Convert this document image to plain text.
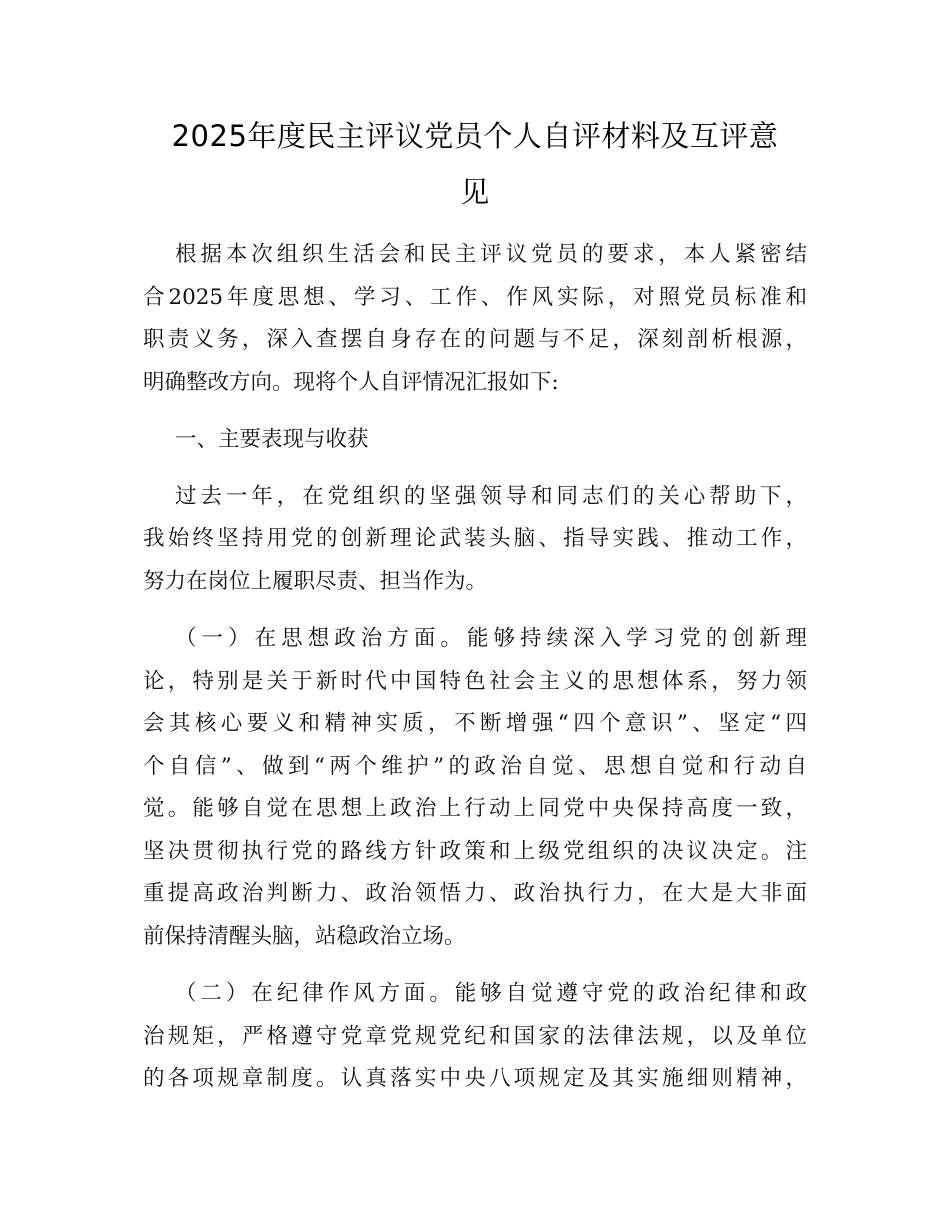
2025年度民主评议党员个人自评材料及互评意
见
根据本次组织生活会和民主评议党员的要求，本人紧密结
合2025年度思想、学习、工作、作风实际，对照党员标准和
职责义务，深入查摆自身存在的问题与不足，深刻剖析根源，
明确整改方向。现将个人自评情况汇报如下:
一、主要表现与收获
过去一年，在党组织的坚强领导和同志们的关心帮助下，
我始终坚持用党的创新理论武装头脑、指导实践、推动工作，
努力在岗位上履职尽责、担当作为。
（一）在思想政治方面。能够持续深入学习党的创新理
论，特别是关于新时代中国特色社会主义的思想体系，努力领
会其核心要义和精神实质，不断增强“四个意识”、坚定“四
个自信”、做到“两个维护”的政治自觉、思想自觉和行动自
觉。能够自觉在思想上政治上行动上同党中央保持高度一致，
坚决贯彻执行党的路线方针政策和上级党组织的决议决定。注
重提高政治判断力、政治领悟力、政治执行力，在大是大非面
前保持清醒头脑，站稳政治立场。
（二）在纪律作风方面。能够自觉遵守党的政治纪律和政
治规矩，严格遵守党章党规党纪和国家的法律法规，以及单位
的各项规章制度。认真落实中央八项规定及其实施细则精神，
